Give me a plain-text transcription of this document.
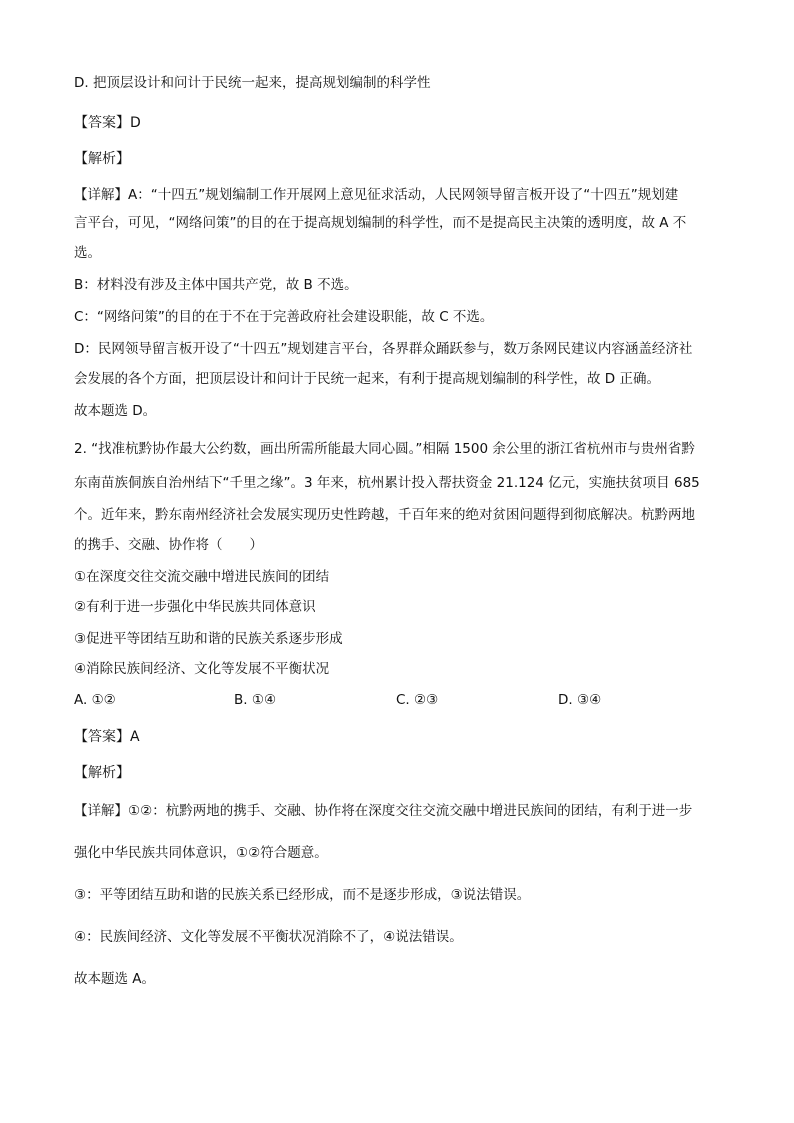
D. 把顶层设计和问计于民统一起来，提高规划编制的科学性
【答案】D
【解析】
【详解】A：“十四五”规划编制工作开展网上意见征求活动，人民网领导留言板开设了“十四五”规划建
言平台，可见，“网络问策”的目的在于提高规划编制的科学性，而不是提高民主决策的透明度，故 A 不
选。
B：材料没有涉及主体中国共产党，故 B 不选。
C：“网络问策”的目的在于不在于完善政府社会建设职能，故 C 不选。
D：民网领导留言板开设了“十四五”规划建言平台，各界群众踊跃参与，数万条网民建议内容涵盖经济社
会发展的各个方面，把顶层设计和问计于民统一起来，有利于提高规划编制的科学性，故 D 正确。
故本题选 D。
2. “找准杭黔协作最大公约数，画出所需所能最大同心圆。”相隔 1500 余公里的浙江省杭州市与贵州省黔
东南苗族侗族自治州结下“千里之缘”。3 年来，杭州累计投入帮扶资金 21.124 亿元，实施扶贫项目 685
个。近年来，黔东南州经济社会发展实现历史性跨越，千百年来的绝对贫困问题得到彻底解决。杭黔两地
的携手、交融、协作将（　　）
①在深度交往交流交融中增进民族间的团结
②有利于进一步强化中华民族共同体意识
③促进平等团结互助和谐的民族关系逐步形成
④消除民族间经济、文化等发展不平衡状况
A. ①②	B. ①④	C. ②③	D. ③④
【答案】A
【解析】
【详解】①②：杭黔两地的携手、交融、协作将在深度交往交流交融中增进民族间的团结，有利于进一步
强化中华民族共同体意识，①②符合题意。
③：平等团结互助和谐的民族关系已经形成，而不是逐步形成，③说法错误。
④：民族间经济、文化等发展不平衡状况消除不了，④说法错误。
故本题选 A。
